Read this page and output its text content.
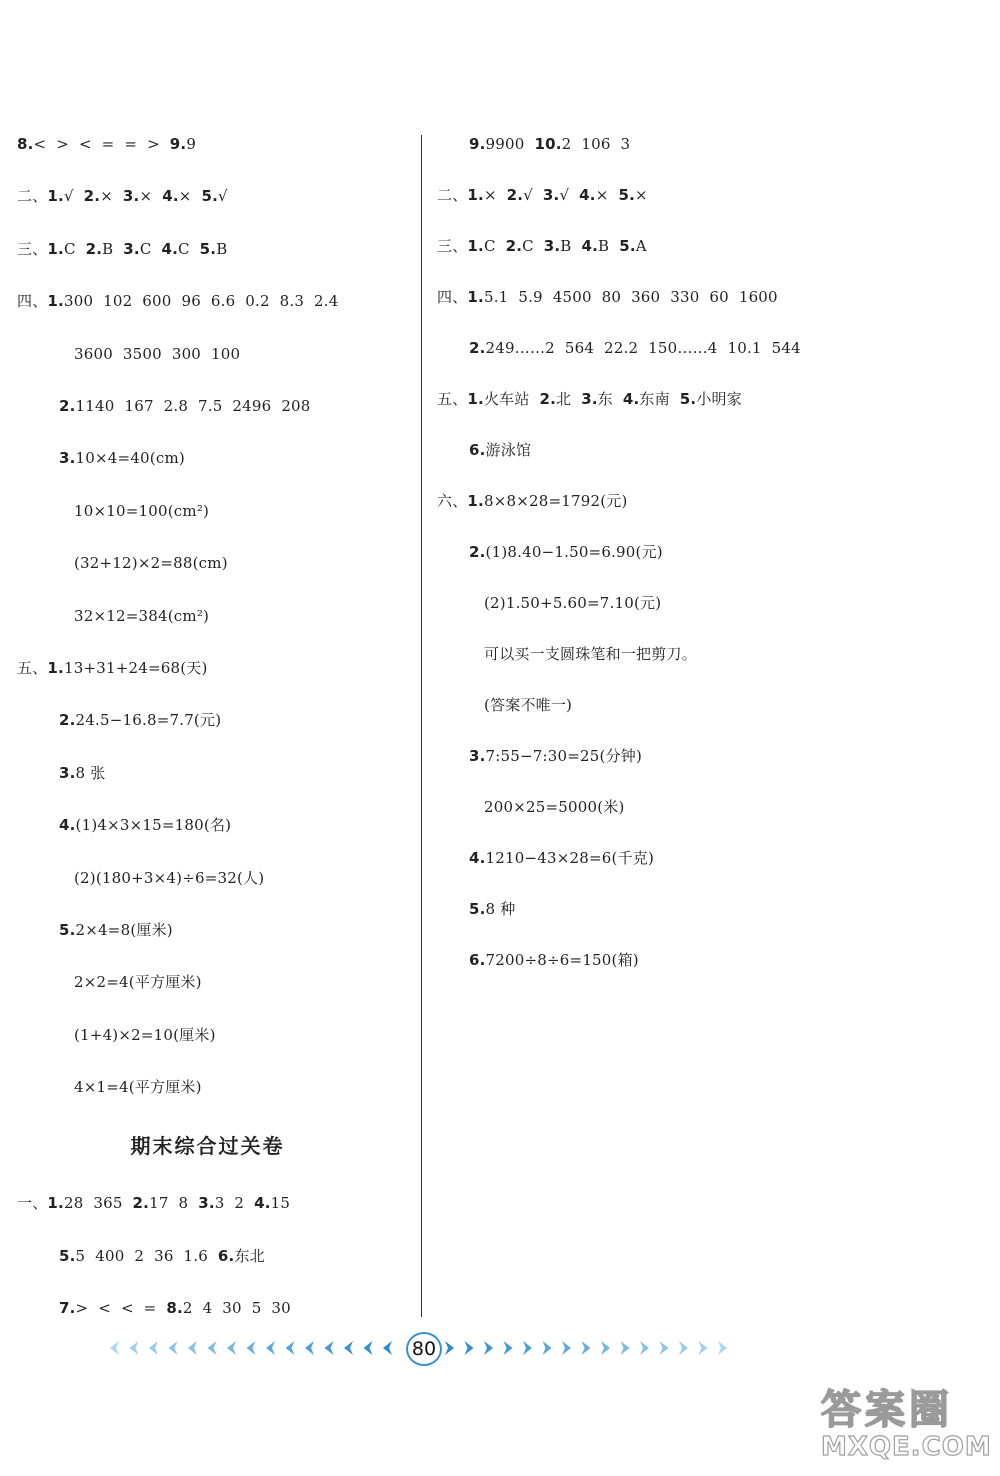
8.<  >  <  =  =  >  9.9
二、1.√  2.×  3.×  4.×  5.√
三、1.C  2.B  3.C  4.C  5.B
四、1.300  102  600  96  6.6  0.2  8.3  2.4
3600  3500  300  100
2.1140  167  2.8  7.5  2496  208
3.10×4=40(cm)
10×10=100(cm²)
(32+12)×2=88(cm)
32×12=384(cm²)
五、1.13+31+24=68(天)
2.24.5−16.8=7.7(元)
3.8 张
4.(1)4×3×15=180(名)
(2)(180+3×4)÷6=32(人)
5.2×4=8(厘米)
2×2=4(平方厘米)
(1+4)×2=10(厘米)
4×1=4(平方厘米)
一、1.28  365  2.17  8  3.3  2  4.15
5.5  400  2  36  1.6  6.东北
7.>  <  <  =  8.2  4  30  5  30
9.9900  10.2  106  3
二、1.×  2.√  3.√  4.×  5.×
三、1.C  2.C  3.B  4.B  5.A
四、1.5.1  5.9  4500  80  360  330  60  1600
2.249……2  564  22.2  150……4  10.1  544
五、1.火车站  2.北  3.东  4.东南  5.小明家
6.游泳馆
六、1.8×8×28=1792(元)
2.(1)8.40−1.50=6.90(元)
(2)1.50+5.60=7.10(元)
可以买一支圆珠笔和一把剪刀。
(答案不唯一)
3.7:55−7:30=25(分钟)
200×25=5000(米)
4.1210−43×28=6(千克)
5.8 种
6.7200÷8÷6=150(箱)
期末综合过关卷
80
答案圈
MXQE.COM
